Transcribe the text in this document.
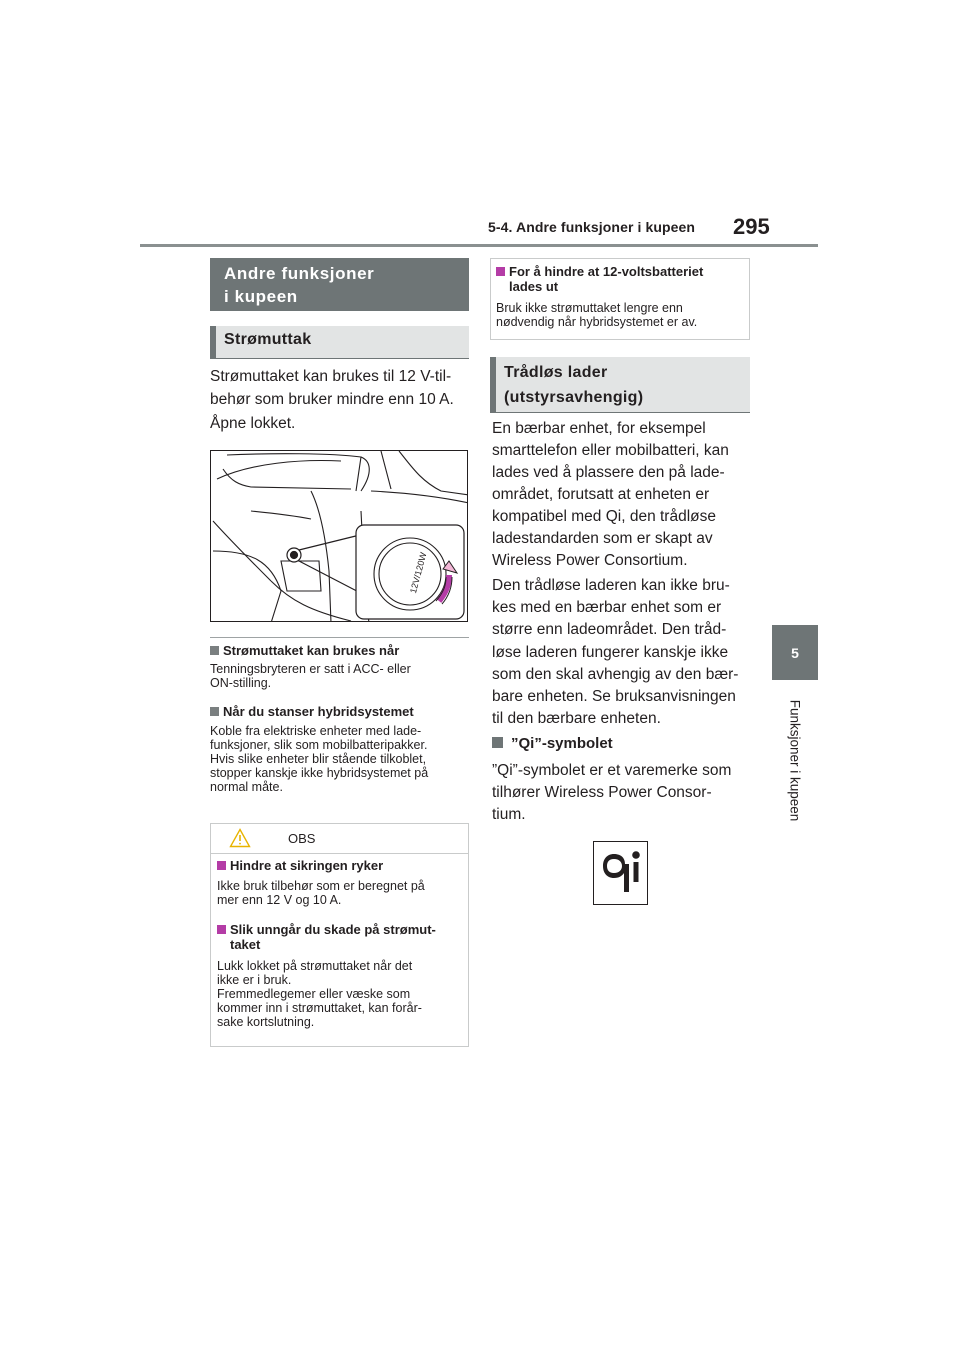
5-4. Andre funksjoner i kupeen 295
5
Funksjoner i kupeen
Andre funksjoner
i kupeen
Strømuttak
Strømuttaket kan brukes til 12 V-til-
behør som bruker mindre enn 10 A.
Åpne lokket.
12V/120W
Strømuttaket kan brukes når
Tenningsbryteren er satt i ACC- eller
ON-stilling.
Når du stanser hybridsystemet
Koble fra elektriske enheter med lade-
funksjoner, slik som mobilbatteripakker.
Hvis slike enheter blir stående tilkoblet,
stopper kanskje ikke hybridsystemet på
normal måte.
OBS
Hindre at sikringen ryker
Ikke bruk tilbehør som er beregnet på
mer enn 12 V og 10 A.
Slik unngår du skade på strømut-
taket
Lukk lokket på strømuttaket når det
ikke er i bruk.
Fremmedlegemer eller væske som
kommer inn i strømuttaket, kan forår-
sake kortslutning.
For å hindre at 12-voltsbatteriet
lades ut
Bruk ikke strømuttaket lengre enn
nødvendig når hybridsystemet er av.
Trådløs lader
(utstyrsavhengig)
En bærbar enhet, for eksempel
smarttelefon eller mobilbatteri, kan
lades ved å plassere den på lade-
området, forutsatt at enheten er
kompatibel med Qi, den trådløse
ladestandarden som er skapt av
Wireless Power Consortium.
Den trådløse laderen kan ikke bru-
kes med en bærbar enhet som er
større enn ladeområdet. Den tråd-
løse laderen fungerer kanskje ikke
som den skal avhengig av den bær-
bare enheten. Se bruksanvisningen
til den bærbare enheten.
”Qi”-symbolet
”Qi”-symbolet er et varemerke som
tilhører Wireless Power Consor-
tium.
